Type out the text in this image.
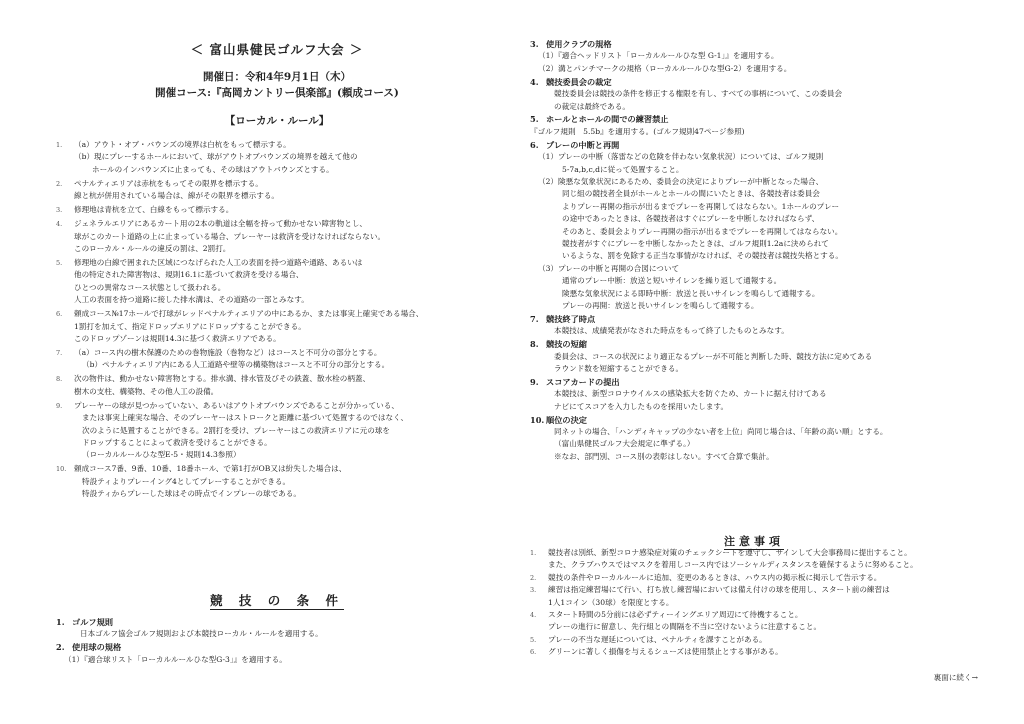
＜ 富山県健民ゴルフ大会 ＞
開催日：令和4年9月1日（木）
開催コース:『高岡カントリー倶楽部』(頼成コース)
【ローカル・ルール】
1.	（a）アウト・オブ・バウンズの境界は白杭をもって標示する。
（b）現にプレーするホールにおいて、球がアウトオブバウンズの境界を越えて他の
ホールのインバウンズに止まっても、その球はアウトバウンズとする。
2.	ペナルティエリアは赤杭をもってその限界を標示する。
線と杭が併用されている場合は、線がその限界を標示する。
3.	修理地は青杭を立て、白線をもって標示する。
4.	ジェネラルエリアにあるカート用の2本の軌道は全幅を持って動かせない障害物とし、
球がこのカート道路の上に止まっている場合、プレーヤーは救済を受けなければならない。
このローカル・ルールの違反の罰は、2罰打。
5.	修理地の白線で囲まれた区域につなげられた人工の表面を持つ道路や通路、あるいは
他の特定された障害物は、規則16.1に基づいて救済を受ける場合、
ひとつの異常なコース状態として扱われる。
人工の表面を持つ道路に接した排水溝は、その道路の一部とみなす。
6.	頼成コース№17ホールで打球がレッドペナルティエリアの中にあるか、または事実上確実である場合、
1罰打を加えて、指定ドロップエリアにドロップすることができる。
このドロップゾーンは規則14.3に基づく救済エリアである。
7.	（a）コース内の樹木保護のための巻物施設（巻物など）はコースと不可分の部分とする。
（b）ペナルティエリア内にある人工道路や壁等の構築物はコースと不可分の部分とする。
8.	次の物件は、動かせない障害物とする。排水溝、排水管及びその鉄蓋、散水栓の柄蓋、
樹木の支柱、構築物、その他人工の設備。
9.	プレーヤーの球が見つかっていない、あるいはアウトオブバウンズであることが分かっている、
または事実上確実な場合、そのプレーヤーはストロークと距離に基づいて処置するのではなく、
次のように処置することができる。2罰打を受け、プレーヤーはこの救済エリアに元の球を
ドロップすることによって救済を受けることができる。
（ローカルルールひな型E-5・規則14.3参照）
10.	頼成コース7番、9番、10番、18番ホール、で第1打がOB又は紛失した場合は、
特設ティよりプレーイング4としてプレーすることができる。
特設ティからプレーした球はその時点でインプレーの球である。
競 技 の 条 件
1. ゴルフ規則
日本ゴルフ協会ゴルフ規則および本競技ローカル・ルールを適用する。
2. 使用球の規格
（1）『適合球リスト「ローカルルールひな型G-3」』を適用する。
3. 使用クラブの規格
（1）『適合ヘッドリスト「ローカルルールひな型 G-1」』を適用する。
（2）溝とパンチマークの規格（ローカルルールひな型G-2）を適用する。
4. 競技委員会の裁定
競技委員会は競技の条件を修正する権限を有し、すべての事柄について、この委員会
の裁定は最終である。
5. ホールとホールの間での練習禁止
『ゴルフ規則　5.5b』を適用する。(ゴルフ規則47ページ参照)
6. プレーの中断と再開
（1）プレーの中断（落雷などの危険を伴わない気象状況）については、ゴルフ規則
5-7a,b,c,dに従って処置すること。
（2）険悪な気象状況にあるため、委員会の決定によりプレーが中断となった場合、
同じ組の競技者全員がホールとホールの間にいたときは、各競技者は委員会
よりプレー再開の指示が出るまでプレーを再開してはならない。1ホールのプレー
の途中であったときは、各競技者はすぐにプレーを中断しなければならず、
そのあと、委員会よりプレー再開の指示が出るまでプレーを再開してはならない。
競技者がすぐにプレーを中断しなかったときは、ゴルフ規則1.2aに決められて
いるような、罰を免除する正当な事情がなければ、その競技者は競技失格とする。
（3）プレーの中断と再開の合図について
通常のプレー中断：放送と短いサイレンを繰り返して通報する。
険悪な気象状況による即時中断：放送と長いサイレンを鳴らして通報する。
プレーの再開：放送と長いサイレンを鳴らして通報する。
7. 競技終了時点
本競技は、成績発表がなされた時点をもって終了したものとみなす。
8. 競技の短縮
委員会は、コースの状況により適正なるプレーが不可能と判断した時、競技方法に定めてある
ラウンド数を短縮することができる。
9. スコアカードの提出
本競技は、新型コロナウイルスの感染拡大を防ぐため、カートに据え付けてある
ナビにてスコアを入力したものを採用いたします。
10. 順位の決定
同ネットの場合、「ハンディキャップの少ない者を上位」尚同じ場合は、「年齢の高い順」とする。
（富山県健民ゴルフ大会規定に準ずる。）
※なお、部門別、コース別の表彰はしない。すべて合算で集計。
注意事項
1.	競技者は別紙、新型コロナ感染症対策のチェックシートを遵守し、サインして大会事務局に提出すること。
また、クラブハウスではマスクを着用しコース内ではソーシャルディスタンスを確保するように努めること。
2.	競技の条件やローカルルールに追加、変更のあるときは、ハウス内の掲示板に掲示して告示する。
3.	練習は指定練習場にて行い、打ち放し練習場においては備え付けの球を使用し、スタート前の練習は
1人1コイン（30球）を限度とする。
4.	スタート時間の5分前には必ずティーイングエリア周辺にて待機すること。
プレーの進行に留意し、先行組との間隔を不当に空けないように注意すること。
5.	プレーの不当な遅延については、ペナルティを課すことがある。
6.	グリーンに著しく損傷を与えるシューズは使用禁止とする事がある。
裏面に続く→
